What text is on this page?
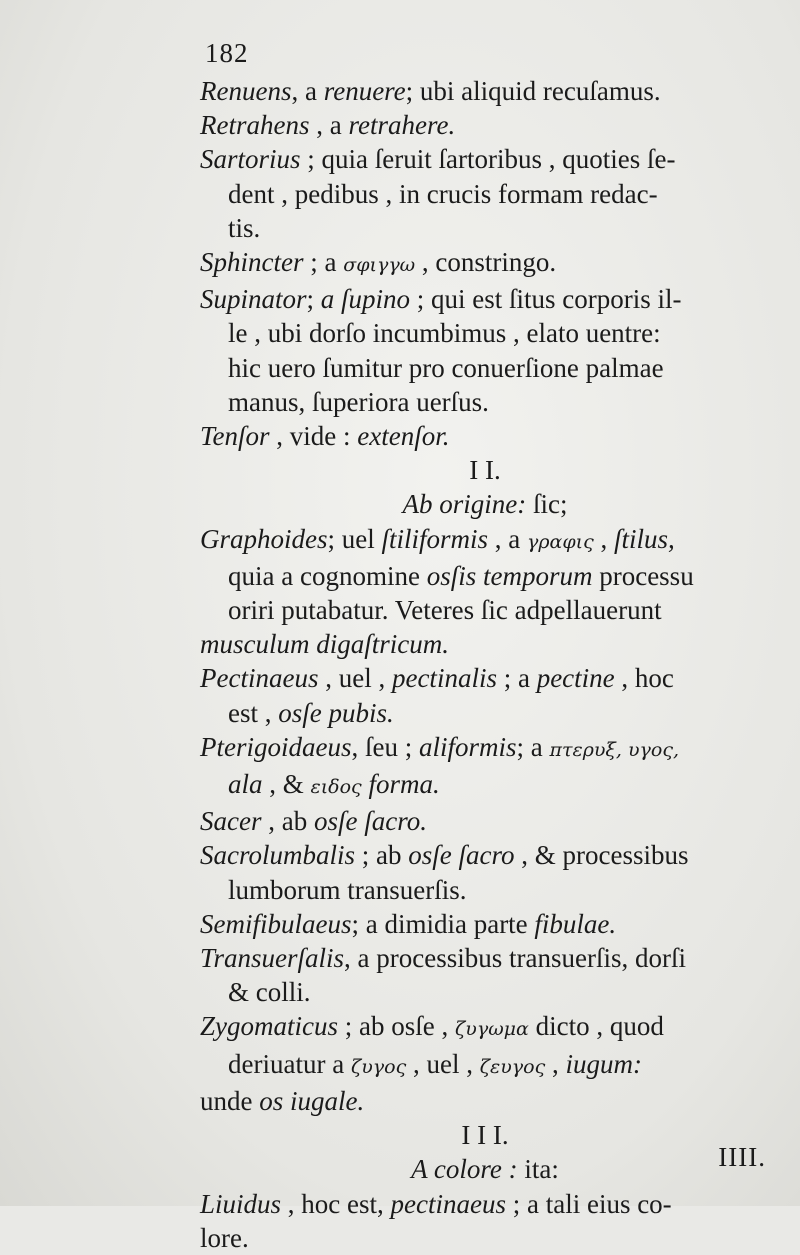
182

Renuens, a renuere; ubi aliquid recuſamus.

Retrahens , a retrahere.

Sartorius ; quia ſeruit ſartoribus , quoties ſe-
dent , pedibus , in crucis formam redac-
tis.

Sphincter ; a σφιγγω , constringo.

Supinator; a ſupino ; qui est ſitus corporis il-
le , ubi dorſo incumbimus , elato uentre:
hic uero ſumitur pro conuerſione palmae
manus, ſuperiora uerſus.

Tenſor , vide : extenſor.

I I.

Ab origine: ſic;

Graphoides; uel ſtiliformis , a γραφις , ſtilus,
quia a cognomine osſis temporum processu
oriri putabatur. Veteres ſic adpellauerunt
musculum digaſtricum.

Pectinaeus , uel , pectinalis ; a pectine , hoc
est , osſe pubis.

Pterigoidaeus, ſeu ; aliformis; a πτερυξ, υγος,
ala , & ειδος forma.

Sacer , ab osſe ſacro.

Sacrolumbalis ; ab osſe ſacro , & processibus
lumborum transuerſis.

Semifibulaeus; a dimidia parte fibulae.

Transuerſalis, a processibus transuerſis, dorſi
& colli.

Zygomaticus ; ab osſe , ζυγωμα dicto , quod
deriuatur a ζυγος , uel , ζευγος , iugum:
unde os iugale.

I I I.

A colore : ita:

Liuidus , hoc est, pectinaeus ; a tali eius co-
lore.

IIII.
